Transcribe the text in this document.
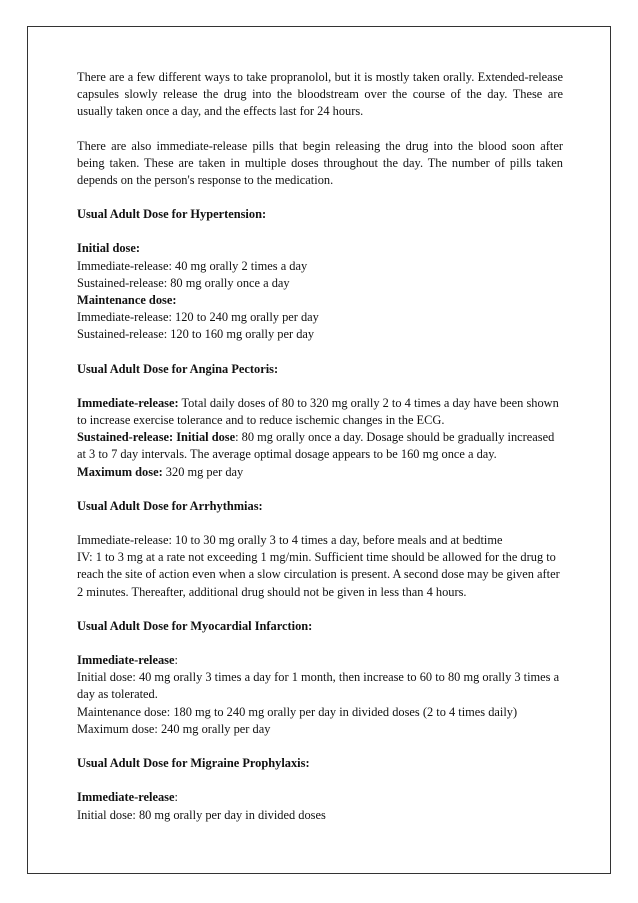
There are a few different ways to take propranolol, but it is mostly taken orally. Extended-release capsules slowly release the drug into the bloodstream over the course of the day. These are usually taken once a day, and the effects last for 24 hours.

There are also immediate-release pills that begin releasing the drug into the blood soon after being taken. These are taken in multiple doses throughout the day. The number of pills taken depends on the person's response to the medication.

Usual Adult Dose for Hypertension:

Initial dose:

Immediate-release: 40 mg orally 2 times a day

Sustained-release: 80 mg orally once a day

Maintenance dose:

Immediate-release: 120 to 240 mg orally per day

Sustained-release: 120 to 160 mg orally per day

Usual Adult Dose for Angina Pectoris:

Immediate-release: Total daily doses of 80 to 320 mg orally 2 to 4 times a day have been shown to increase exercise tolerance and to reduce ischemic changes in the ECG.

Sustained-release: Initial dose: 80 mg orally once a day. Dosage should be gradually increased at 3 to 7 day intervals. The average optimal dosage appears to be 160 mg once a day.

Maximum dose: 320 mg per day

Usual Adult Dose for Arrhythmias:

Immediate-release: 10 to 30 mg orally 3 to 4 times a day, before meals and at bedtime

IV: 1 to 3 mg at a rate not exceeding 1 mg/min. Sufficient time should be allowed for the drug to reach the site of action even when a slow circulation is present. A second dose may be given after 2 minutes. Thereafter, additional drug should not be given in less than 4 hours.

Usual Adult Dose for Myocardial Infarction:

Immediate-release:

Initial dose: 40 mg orally 3 times a day for 1 month, then increase to 60 to 80 mg orally 3 times a day as tolerated.

Maintenance dose: 180 mg to 240 mg orally per day in divided doses (2 to 4 times daily)

Maximum dose: 240 mg orally per day

Usual Adult Dose for Migraine Prophylaxis:

Immediate-release:

Initial dose: 80 mg orally per day in divided doses
